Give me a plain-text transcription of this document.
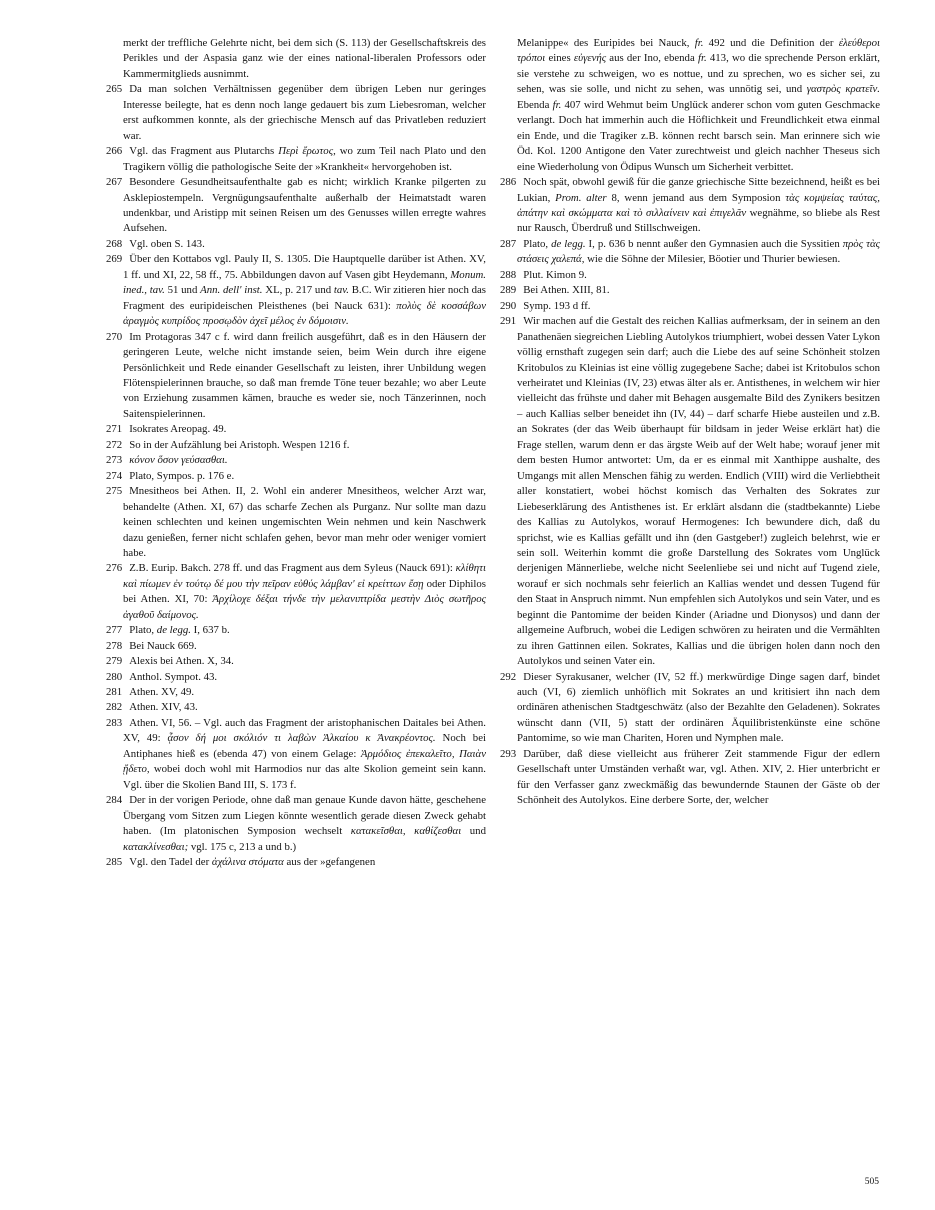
merkt der treffliche Gelehrte nicht, bei dem sich (S. 113) der Gesellschaftskreis des Perikles und der Aspasia ganz wie der eines national-liberalen Professors oder Kammermitglieds ausnimmt.
265 Da man solchen Verhältnissen gegenüber dem übrigen Leben nur geringes Interesse beilegte, hat es denn noch lange gedauert bis zum Liebesroman, welcher erst aufkommen konnte, als der griechische Mensch auf das Privatleben reduziert war.
266 Vgl. das Fragment aus Plutarchs Περὶ ἔρωτος, wo zum Teil nach Plato und den Tragikern völlig die pathologische Seite der »Krankheit« hervorgehoben ist.
267 Besondere Gesundheitsaufenthalte gab es nicht; wirklich Kranke pilgerten zu Asklepiostempeln. Vergnügungsaufenthalte außerhalb der Heimatstadt waren undenkbar, und Aristipp mit seinen Reisen um des Genusses willen erregte wahres Aufsehen.
268 Vgl. oben S. 143.
269 Über den Kottabos vgl. Pauly II, S. 1305. Die Hauptquelle darüber ist Athen. XV, 1 ff. und XI, 22, 58 ff., 75. Abbildungen davon auf Vasen gibt Heydemann, Monum. ined., tav. 51 und Ann. dell' inst. XL, p. 217 und tav. B.C. Wir zitieren hier noch das Fragment des euripideischen Pleisthenes (bei Nauck 631): πολὺς δὲ κοσσάβων ἀραγμὸς κυπρίδος προσῳδὸν ἀχεῖ μέλος ἐν δόμοισιν.
270 Im Protagoras 347 c f. wird dann freilich ausgeführt, daß es in den Häusern der geringeren Leute, welche nicht imstande seien, beim Wein durch ihre eigene Persönlichkeit und Rede einander Gesellschaft zu leisten, ihrer Unbildung wegen Flötenspielerinnen brauche, so daß man fremde Töne teuer bezahle; wo aber Leute von Erziehung zusammen kämen, brauche es weder sie, noch Tänzerinnen, noch Saitenspielerinnen.
271 Isokrates Areopag. 49.
272 So in der Aufzählung bei Aristoph. Wespen 1216 f.
273 κόνον ὅσον γεύσασθαι.
274 Plato, Sympos. p. 176 e.
275 Mnesitheos bei Athen. II, 2. Wohl ein anderer Mnesitheos, welcher Arzt war, behandelte (Athen. XI, 67) das scharfe Zechen als Purganz. Nur sollte man dazu keinen schlechten und keinen ungemischten Wein nehmen und kein Naschwerk dazu genießen, ferner nicht schlafen gehen, bevor man mehr oder weniger vomiert habe.
276 Z.B. Eurip. Bakch. 278 ff. und das Fragment aus dem Syleus (Nauck 691): κλίθητι καὶ πίωμεν ἐν τούτῳ δέ μου τὴν πεῖραν εὐθύς λάμβαν' εἰ κρείττων ἔσῃ oder Diphilos bei Athen. XI, 70: Ἀρχίλοχε δέξαι τήνδε τὴν μελανιπτρίδα μεστὴν Διὸς σωτῆρος ἀγαθοῦ δαίμονος.
277 Plato, de legg. I, 637 b.
278 Bei Nauck 669.
279 Alexis bei Athen. X, 34.
280 Anthol. Sympot. 43.
281 Athen. XV, 49.
282 Athen. XIV, 43.
283 Athen. VI, 56. – Vgl. auch das Fragment der aristophanischen Daitales bei Athen. XV, 49: ᾆσον δή μοι σκόλιόν τι λαβὼν Ἀλκαίου κ Ἀνακρέοντος. Noch bei Antiphanes hieß es (ebenda 47) von einem Gelage: Ἁρμόδιος ἐπεκαλεῖτο, Παιὰν ᾔδετο, wobei doch wohl mit Harmodios nur das alte Skolion gemeint sein kann. Vgl. über die Skolien Band III, S. 173 f.
284 Der in der vorigen Periode, ohne daß man genaue Kunde davon hätte, geschehene Übergang vom Sitzen zum Liegen könnte wesentlich gerade diesen Zweck gehabt haben. (Im platonischen Symposion wechselt κατακεῖσθαι, καθίζεσθαι und κατακλίνεσθαι; vgl. 175 c, 213 a und b.)
285 Vgl. den Tadel der ἀχάλινα στόματα aus der »gefangenen
Melanippe« des Euripides bei Nauck, fr. 492 und die Definition der ἐλεύθεροι τρόποι eines εὐγενής aus der Ino, ebenda fr. 413, wo die sprechende Person erklärt, sie verstehe zu schweigen, wo es nottue, und zu sprechen, wo es sicher sei, zu sehen, was sie solle, und nicht zu sehen, was unnötig sei, und γαστρὸς κρατεῖν. Ebenda fr. 407 wird Wehmut beim Unglück anderer schon vom guten Geschmacke verlangt. Doch hat immerhin auch die Höflichkeit und Freundlichkeit etwa einmal ein Ende, und die Tragiker z.B. können recht barsch sein. Man erinnere sich wie Öd. Kol. 1200 Antigone den Vater zurechtweist und gleich nachher Theseus sich eine Wiederholung von Ödipus Wunsch um Sicherheit verbittet.
286 Noch spät, obwohl gewiß für die ganze griechische Sitte bezeichnend, heißt es bei Lukian, Prom. alter 8, wenn jemand aus dem Symposion τὰς κομψείας ταύτας, ἀπάτην καὶ σκώμματα καὶ τὸ σιλλαίνειν καὶ ἐπιγελᾶν wegnähme, so bliebe als Rest nur Rausch, Überdruß und Stillschweigen.
287 Plato, de legg. I, p. 636 b nennt außer den Gymnasien auch die Syssitien πρὸς τὰς στάσεις χαλεπά, wie die Söhne der Milesier, Böotier und Thurier bewiesen.
288 Plut. Kimon 9.
289 Bei Athen. XIII, 81.
290 Symp. 193 d ff.
291 Wir machen auf die Gestalt des reichen Kallias aufmerksam, der in seinem an den Panathenäen siegreichen Liebling Autolykos triumphiert, wobei dessen Vater Lykon völlig ernsthaft zugegen sein darf; auch die Liebe des auf seine Schönheit stolzen Kritobulos zu Kleinias ist eine völlig zugegebene Sache; dabei ist Kritobulos schon verheiratet und Kleinias (IV, 23) etwas älter als er. Antisthenes, in welchem wir hier vielleicht das frühste und daher mit Behagen ausgemalte Bild des Zynikers besitzen – auch Kallias selber beneidet ihn (IV, 44) – darf scharfe Hiebe austeilen und z.B. an Sokrates (der das Weib überhaupt für bildsam in jeder Weise erklärt hat) die Frage stellen, warum denn er das ärgste Weib auf der Welt habe; worauf jener mit dem besten Humor antwortet: Um, da er es einmal mit Xanthippe aushalte, des Umgangs mit allen Menschen fähig zu werden. Endlich (VIII) wird die Verliebtheit aller konstatiert, wobei höchst komisch das Verhalten des Sokrates zur Liebeserklärung des Antisthenes ist. Er erklärt alsdann die (stadtbekannte) Liebe des Kallias zu Autolykos, worauf Hermogenes: Ich bewundere dich, daß du sprichst, wie es Kallias gefällt und ihn (den Gastgeber!) zugleich belehrst, wie er sein soll. Weiterhin kommt die große Darstellung des Sokrates vom Unglück derjenigen Männerliebe, welche nicht Seelenliebe sei und nicht auf Tugend ziele, worauf er sich nochmals sehr feierlich an Kallias wendet und dessen Tugend für den Staat in Anspruch nimmt. Nun empfehlen sich Autolykos und sein Vater, und es beginnt die Pantomime der beiden Kinder (Ariadne und Dionysos) und dann der allgemeine Aufbruch, wobei die Ledigen schwören zu heiraten und die Vermählten zu ihren Gattinnen eilen. Sokrates, Kallias und die übrigen holen dann noch den Autolykos und seinen Vater ein.
292 Dieser Syrakusaner, welcher (IV, 52 ff.) merkwürdige Dinge sagen darf, bindet auch (VI, 6) ziemlich unhöflich mit Sokrates an und kritisiert ihn nach dem ordinären athenischen Stadtgeschwätz (also der Bezahlte den Geladenen). Sokrates wünscht dann (VII, 5) statt der ordinären Äquilibristenkünste eine schöne Pantomime, so wie man Chariten, Horen und Nymphen male.
293 Darüber, daß diese vielleicht aus früherer Zeit stammende Figur der edlern Gesellschaft unter Umständen verhaßt war, vgl. Athen. XIV, 2. Hier unterbricht er für den Verfasser ganz zweckmäßig das bewundernde Staunen der Gäste ob der Schönheit des Autolykos. Eine derbere Sorte, der, welcher
505
